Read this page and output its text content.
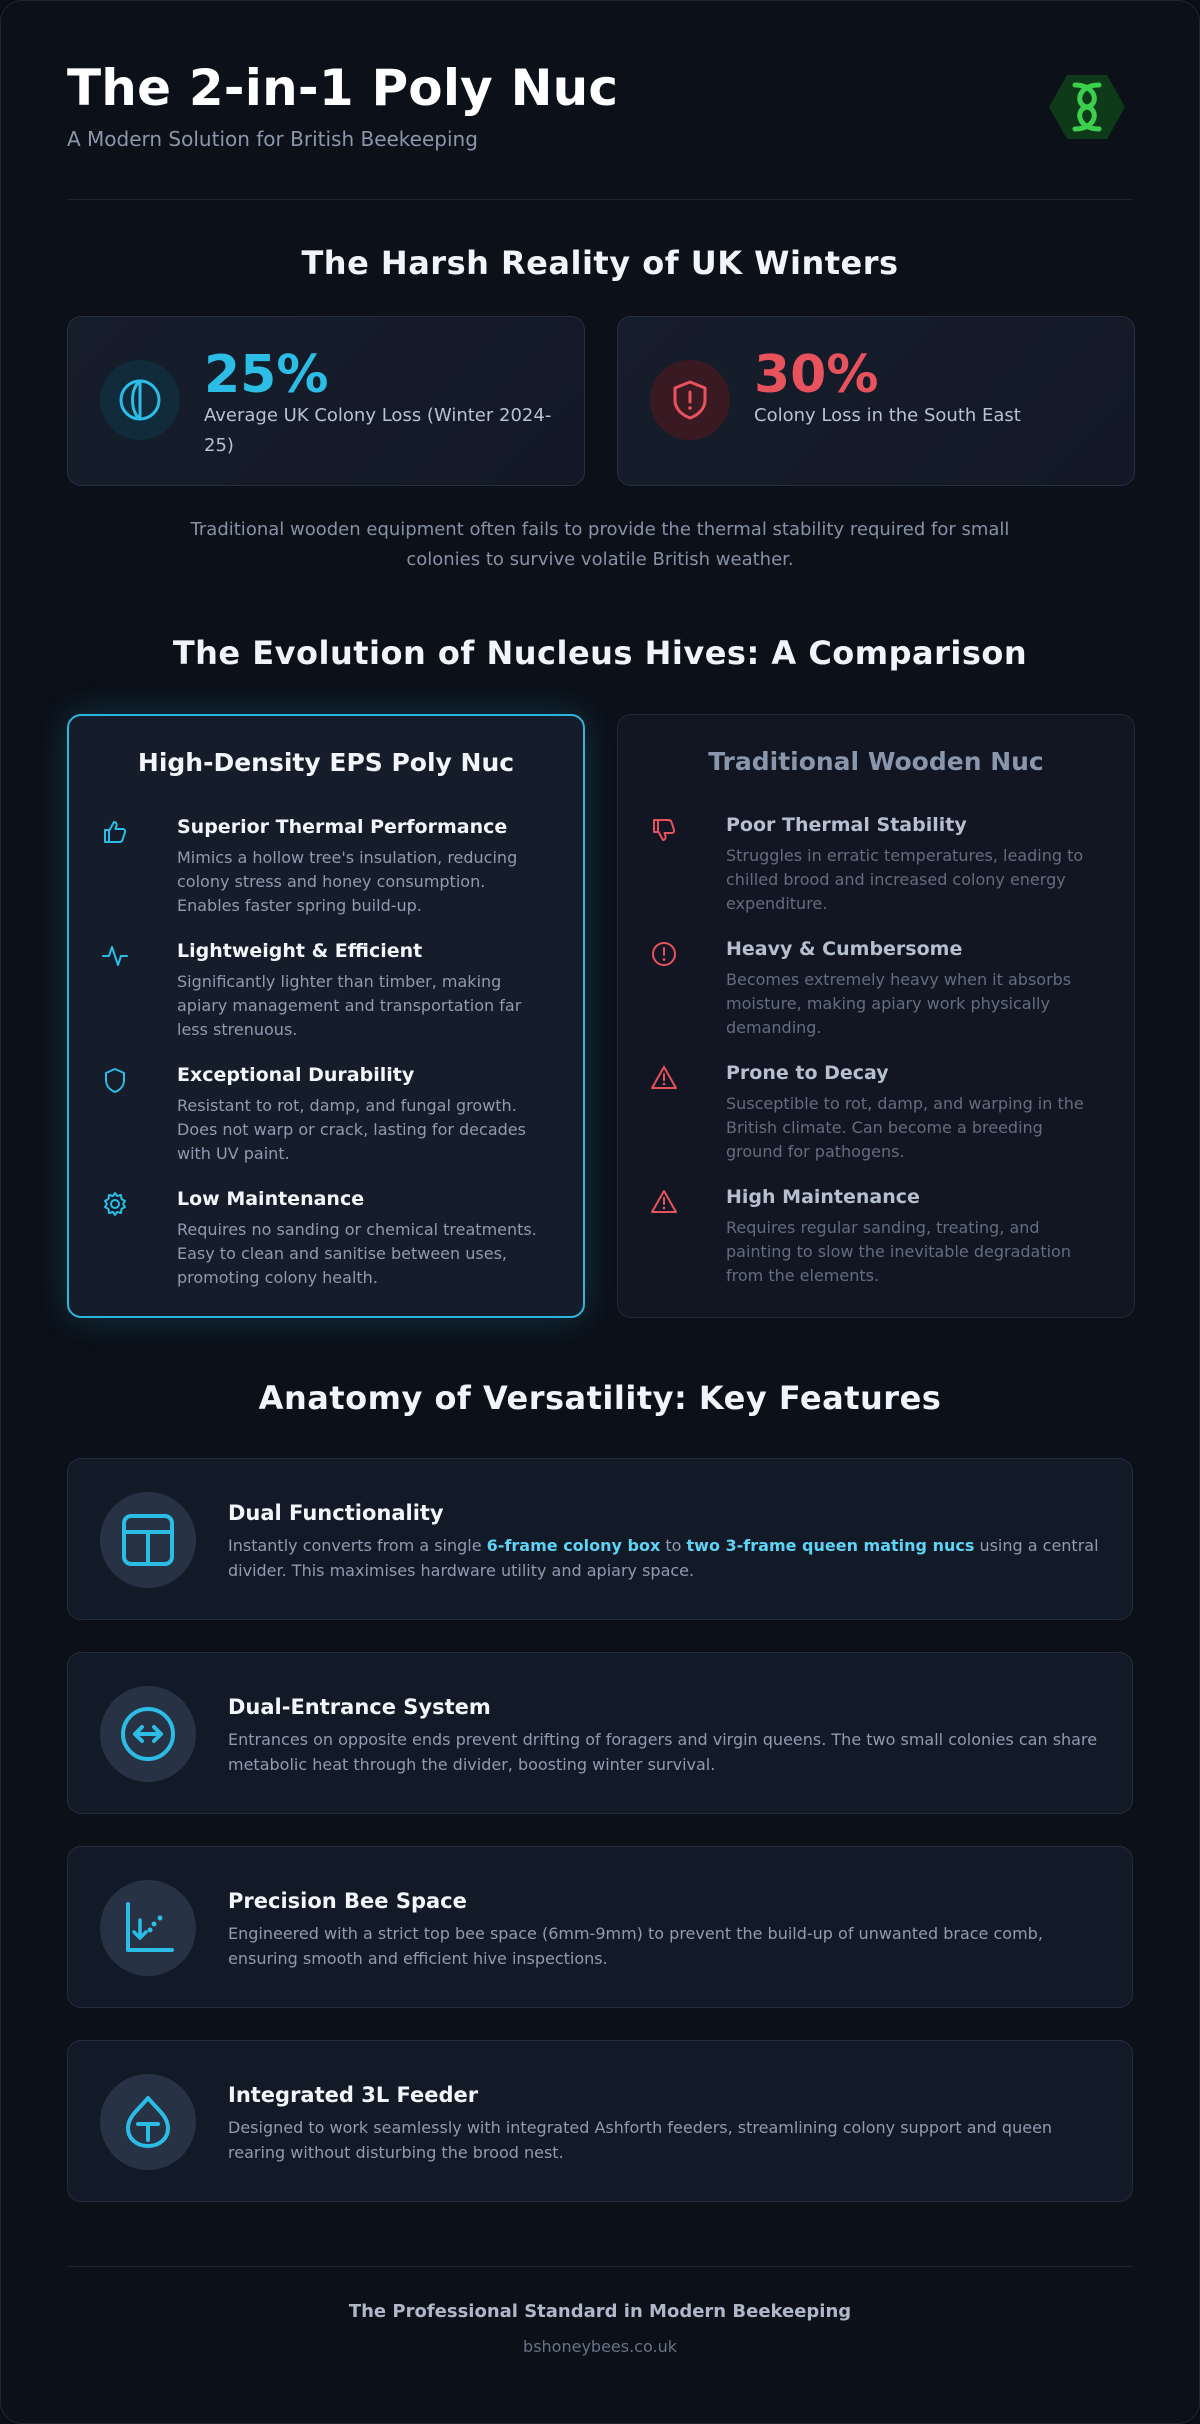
The 2-in-1 Poly Nuc
A Modern Solution for British Beekeeping
The Harsh Reality of UK Winters
25%
Average UK Colony Loss (Winter 2024-25)
30%
Colony Loss in the South East
Traditional wooden equipment often fails to provide the thermal stability required for small colonies to survive volatile British weather.
The Evolution of Nucleus Hives: A Comparison
High-Density EPS Poly Nuc
Superior Thermal Performance
Mimics a hollow tree's insulation, reducing colony stress and honey consumption. Enables faster spring build-up.
Lightweight & Efficient
Significantly lighter than timber, making apiary management and transportation far less strenuous.
Exceptional Durability
Resistant to rot, damp, and fungal growth. Does not warp or crack, lasting for decades with UV paint.
Low Maintenance
Requires no sanding or chemical treatments. Easy to clean and sanitise between uses, promoting colony health.
Traditional Wooden Nuc
Poor Thermal Stability
Struggles in erratic temperatures, leading to chilled brood and increased colony energy expenditure.
Heavy & Cumbersome
Becomes extremely heavy when it absorbs moisture, making apiary work physically demanding.
Prone to Decay
Susceptible to rot, damp, and warping in the British climate. Can become a breeding ground for pathogens.
High Maintenance
Requires regular sanding, treating, and painting to slow the inevitable degradation from the elements.
Anatomy of Versatility: Key Features
Dual Functionality
Instantly converts from a single 6-frame colony box to two 3-frame queen mating nucs using a central divider. This maximises hardware utility and apiary space.
Dual-Entrance System
Entrances on opposite ends prevent drifting of foragers and virgin queens. The two small colonies can share metabolic heat through the divider, boosting winter survival.
Precision Bee Space
Engineered with a strict top bee space (6mm-9mm) to prevent the build-up of unwanted brace comb, ensuring smooth and efficient hive inspections.
Integrated 3L Feeder
Designed to work seamlessly with integrated Ashforth feeders, streamlining colony support and queen rearing without disturbing the brood nest.
The Professional Standard in Modern Beekeeping
bshoneybees.co.uk
